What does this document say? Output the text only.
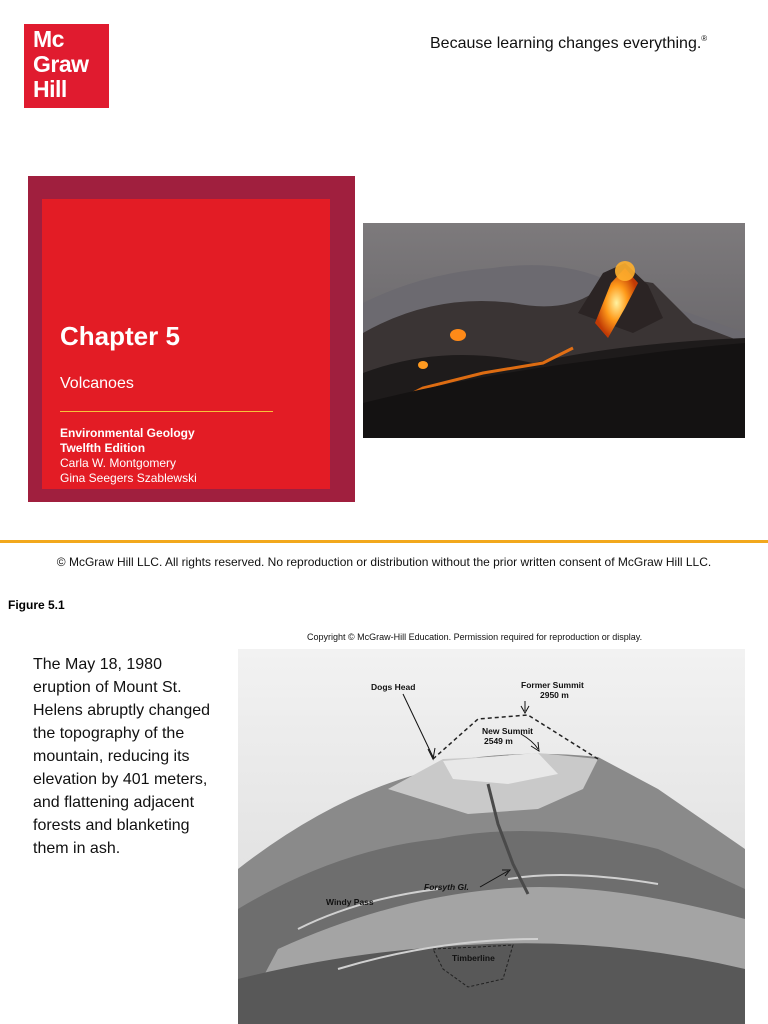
Mc
Graw
Hill
Because learning changes everything.®
Chapter 5
Volcanoes
Environmental Geology
Twelfth Edition
Carla W. Montgomery
Gina Seegers Szablewski
© McGraw Hill LLC. All rights reserved. No reproduction or distribution without the prior written consent of McGraw Hill LLC.
Figure 5.1
Copyright © McGraw-Hill Education. Permission required for reproduction or display.
The May 18, 1980 eruption of Mount St. Helens abruptly changed the topography of the mountain, reducing its elevation by 401 meters, and flattening adjacent forests and blanketing them in ash.
Dogs Head	Former Summit
2950 m
New Summit
2549 m
Forsyth Gl.
Windy Pass
Timberline
